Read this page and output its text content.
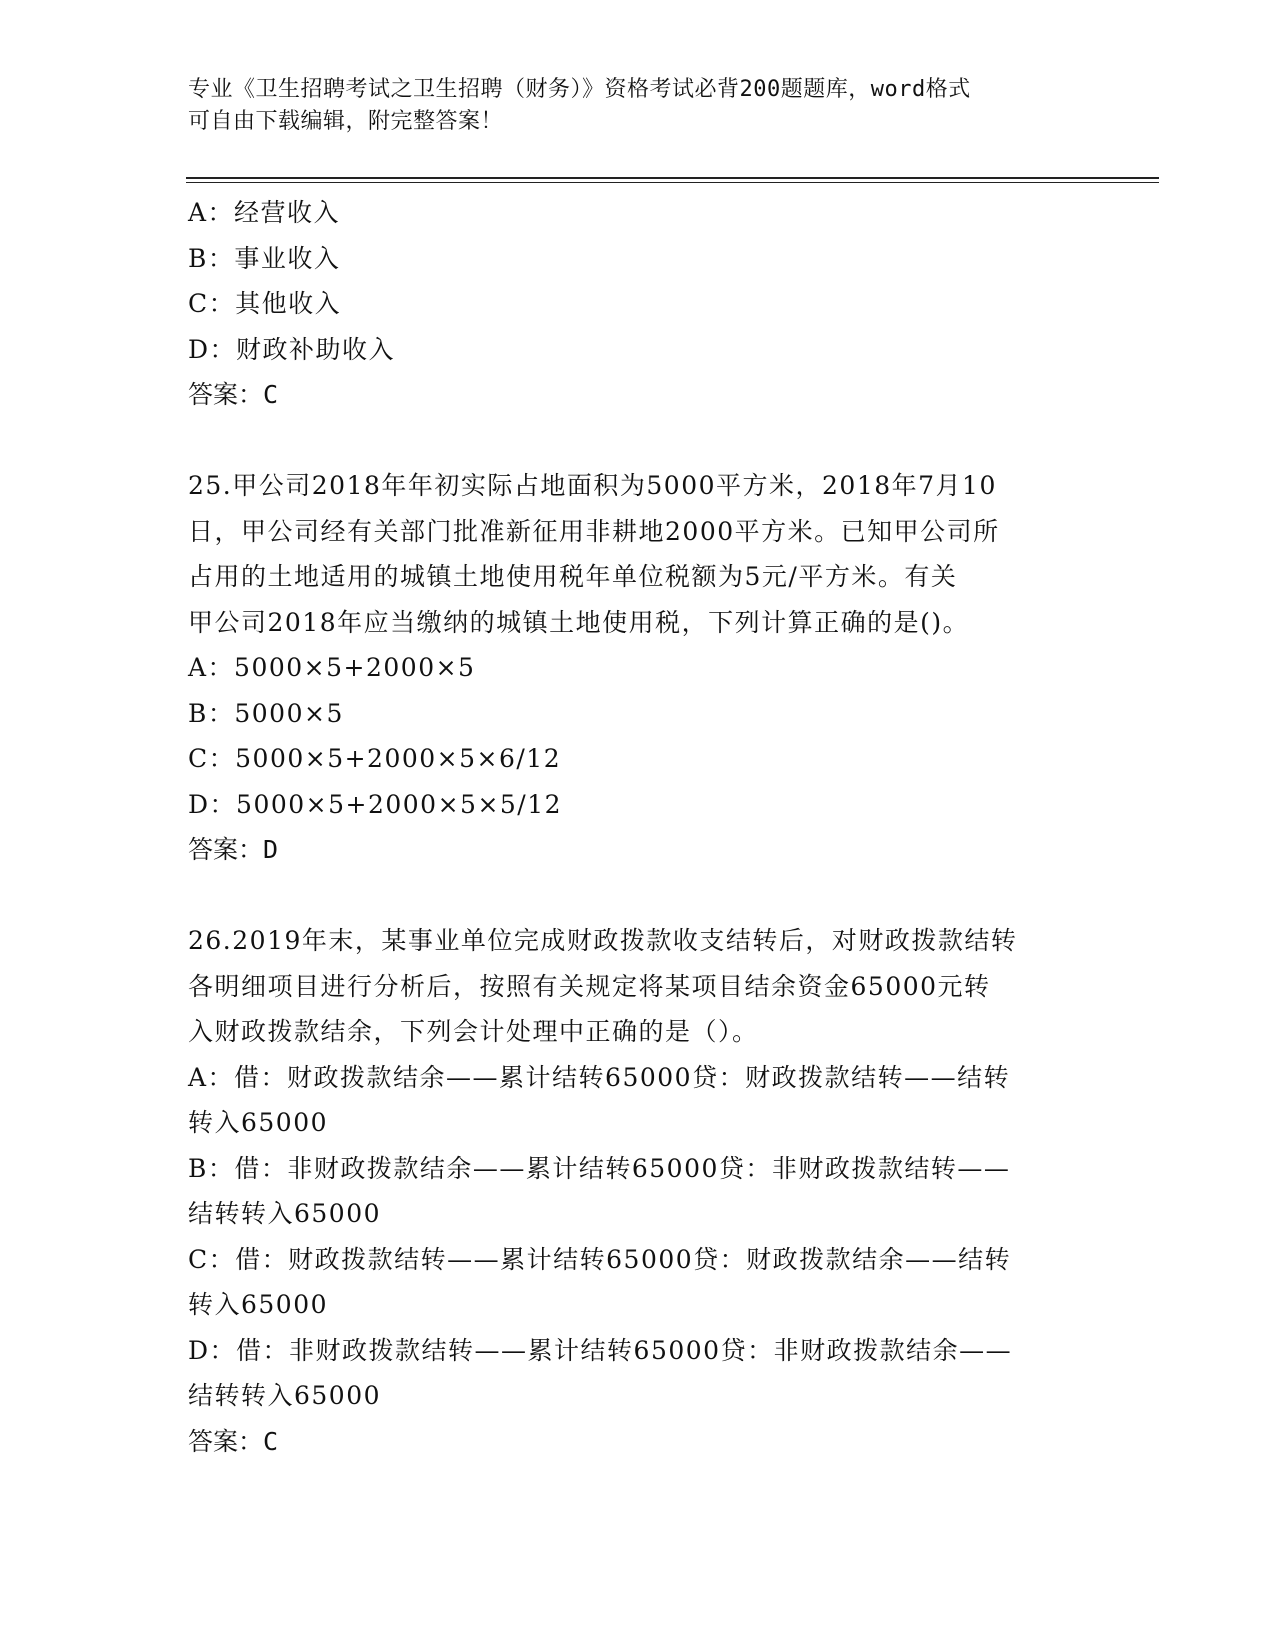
专业《卫生招聘考试之卫生招聘（财务）》资格考试必背200题题库，word格式
可自由下载编辑，附完整答案！
A：经营收入
B：事业收入
C：其他收入
D：财政补助收入
答案：C
25.甲公司2018年年初实际占地面积为5000平方米，2018年7月10
日，甲公司经有关部门批准新征用非耕地2000平方米。已知甲公司所
占用的土地适用的城镇土地使用税年单位税额为5元/平方米。有关
甲公司2018年应当缴纳的城镇土地使用税，下列计算正确的是()。
A：5000×5+2000×5
B：5000×5
C：5000×5+2000×5×6/12
D：5000×5+2000×5×5/12
答案：D
26.2019年末，某事业单位完成财政拨款收支结转后，对财政拨款结转
各明细项目进行分析后，按照有关规定将某项目结余资金65000元转
入财政拨款结余，下列会计处理中正确的是（）。
A：借：财政拨款结余——累计结转65000贷：财政拨款结转——结转
转入65000
B：借：非财政拨款结余——累计结转65000贷：非财政拨款结转——
结转转入65000
C：借：财政拨款结转——累计结转65000贷：财政拨款结余——结转
转入65000
D：借：非财政拨款结转——累计结转65000贷：非财政拨款结余——
结转转入65000
答案：C
